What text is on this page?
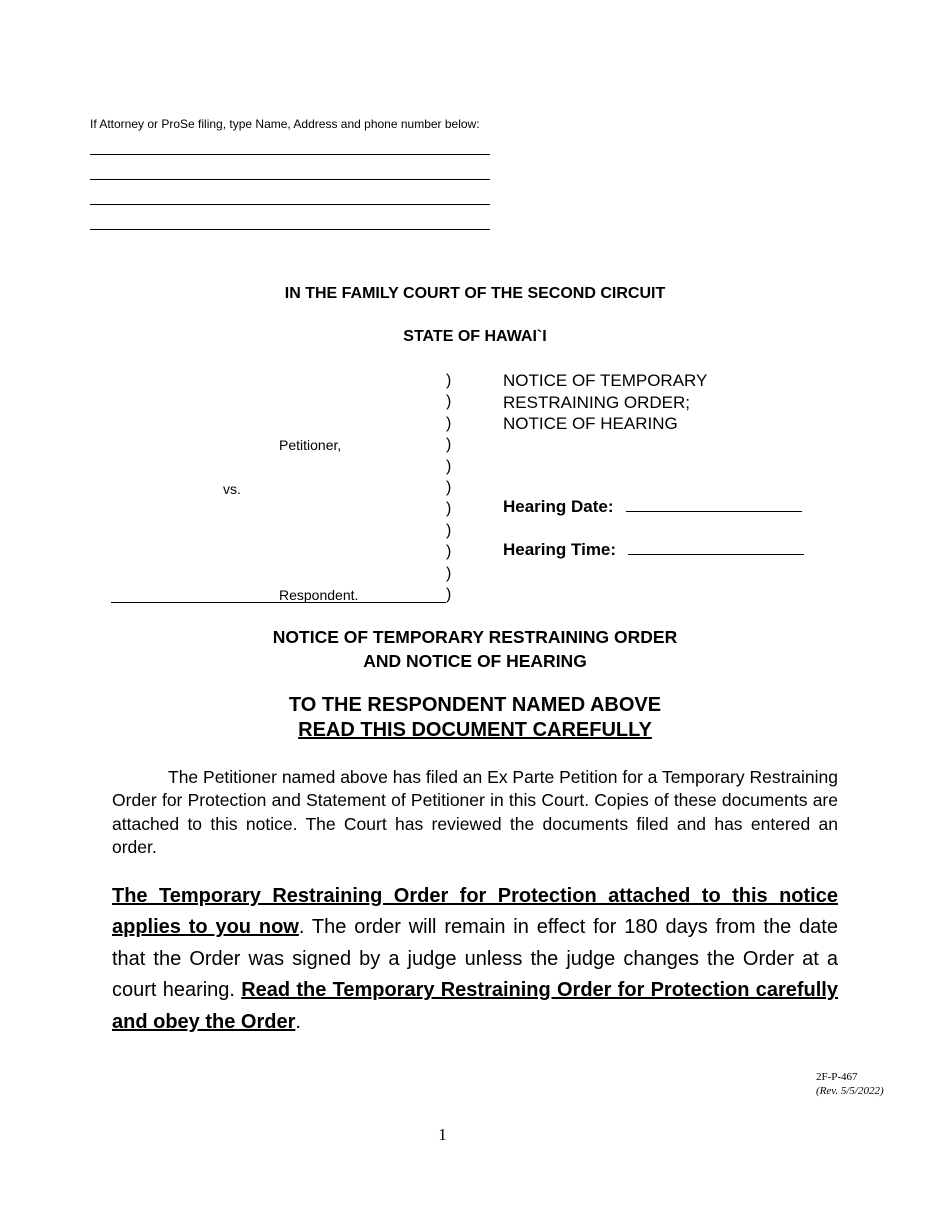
If Attorney or ProSe filing, type Name, Address and phone number below:
IN THE FAMILY COURT OF THE SECOND CIRCUIT
STATE OF HAWAI`I
)
)
)
)
)
)
)
)
)
)
)
NOTICE OF TEMPORARY
RESTRAINING ORDER;
NOTICE OF HEARING
Petitioner,
vs.
Respondent.
Hearing Date:
Hearing Time:
NOTICE OF TEMPORARY RESTRAINING ORDER
AND NOTICE OF HEARING
TO THE RESPONDENT NAMED ABOVE
READ THIS DOCUMENT CAREFULLY
The Petitioner named above has filed an Ex Parte Petition for a Temporary Restraining Order for Protection and Statement of Petitioner in this Court. Copies of these documents are attached to this notice. The Court has reviewed the documents filed and has entered an order.
The Temporary Restraining Order for Protection attached to this notice applies to you now. The order will remain in effect for 180 days from the date that the Order was signed by a judge unless the judge changes the Order at a court hearing. Read the Temporary Restraining Order for Protection carefully and obey the Order.
2F-P-467
(Rev. 5/5/2022)
1
